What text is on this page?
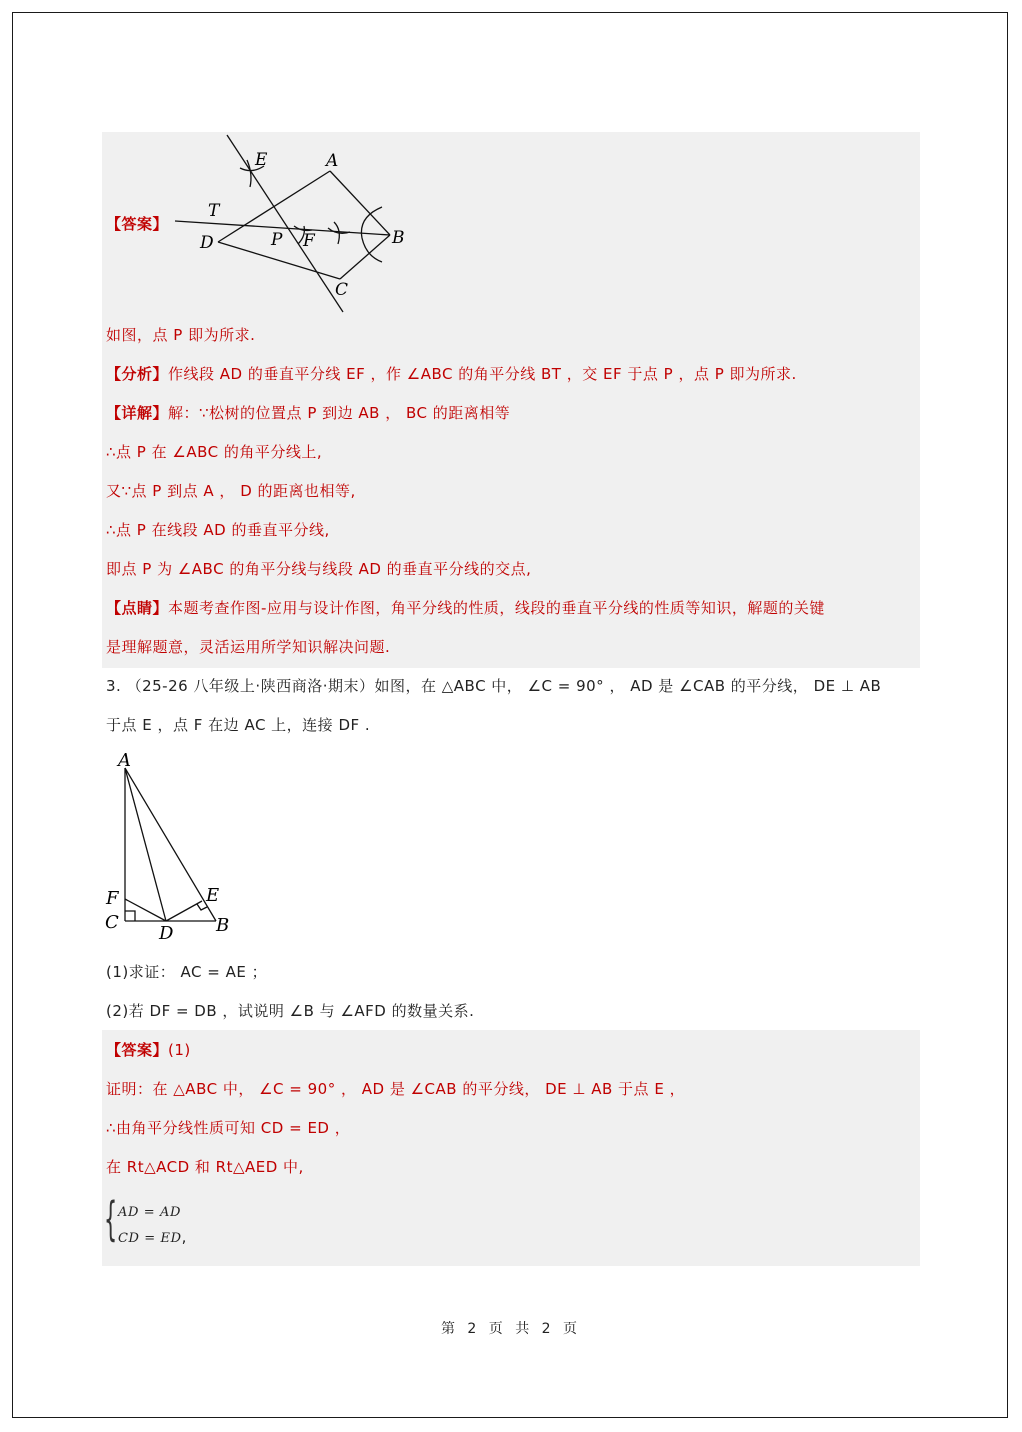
【答案】
E	A
T
D	P F	B
C
如图，点 P 即为所求.
【分析】作线段 AD 的垂直平分线 EF ，作 ∠ABC 的角平分线 BT ，交 EF 于点 P ，点 P 即为所求.
【详解】解：∵松树的位置点 P 到边 AB ， BC 的距离相等
∴点 P 在 ∠ABC 的角平分线上,
又∵点 P 到点 A ， D 的距离也相等,
∴点 P 在线段 AD 的垂直平分线,
即点 P 为 ∠ABC 的角平分线与线段 AD 的垂直平分线的交点,
【点睛】本题考查作图-应用与设计作图，角平分线的性质，线段的垂直平分线的性质等知识，解题的关键
是理解题意，灵活运用所学知识解决问题.
3. （25-26 八年级上·陕西商洛·期末）如图，在 △ABC 中， ∠C = 90° ， AD 是 ∠CAB 的平分线， DE ⊥ AB
于点 E ，点 F 在边 AC 上，连接 DF .
A
F	E
C
D B
(1)求证： AC = AE ；
(2)若 DF = DB ，试说明 ∠B 与 ∠AFD 的数量关系.
【答案】(1)
证明：在 △ABC 中， ∠C = 90° ， AD 是 ∠CAB 的平分线， DE ⊥ AB 于点 E ，
∴由角平分线性质可知 CD = ED ，
在 Rt△ACD 和 Rt△AED 中,
{ AD = AD
CD = ED,
第 2 页 共 2 页
